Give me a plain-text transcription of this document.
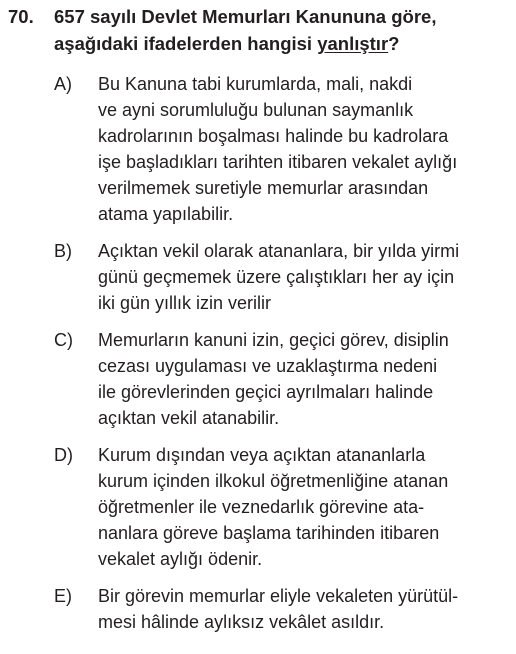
70.	657 sayılı Devlet Memurları Kanununa göre,
aşağıdaki ifadelerden hangisi yanlıştır?
A)	Bu Kanuna tabi kurumlarda, mali, nakdi
ve ayni sorumluluğu bulunan saymanlık
kadrolarının boşalması halinde bu kadrolara
işe başladıkları tarihten itibaren vekalet aylığı
verilmemek suretiyle memurlar arasından
atama yapılabilir.
B)	Açıktan vekil olarak atananlara, bir yılda yirmi
günü geçmemek üzere çalıştıkları her ay için
iki gün yıllık izin verilir
C)	Memurların kanuni izin, geçici görev, disiplin
cezası uygulaması ve uzaklaştırma nedeni
ile görevlerinden geçici ayrılmaları halinde
açıktan vekil atanabilir.
D)	Kurum dışından veya açıktan atananlarla
kurum içinden ilkokul öğretmenliğine atanan
öğretmenler ile veznedarlık görevine ata-
nanlara göreve başlama tarihinden itibaren
vekalet aylığı ödenir.
E)	Bir görevin memurlar eliyle vekaleten yürütül-
mesi hâlinde aylıksız vekâlet asıldır.
